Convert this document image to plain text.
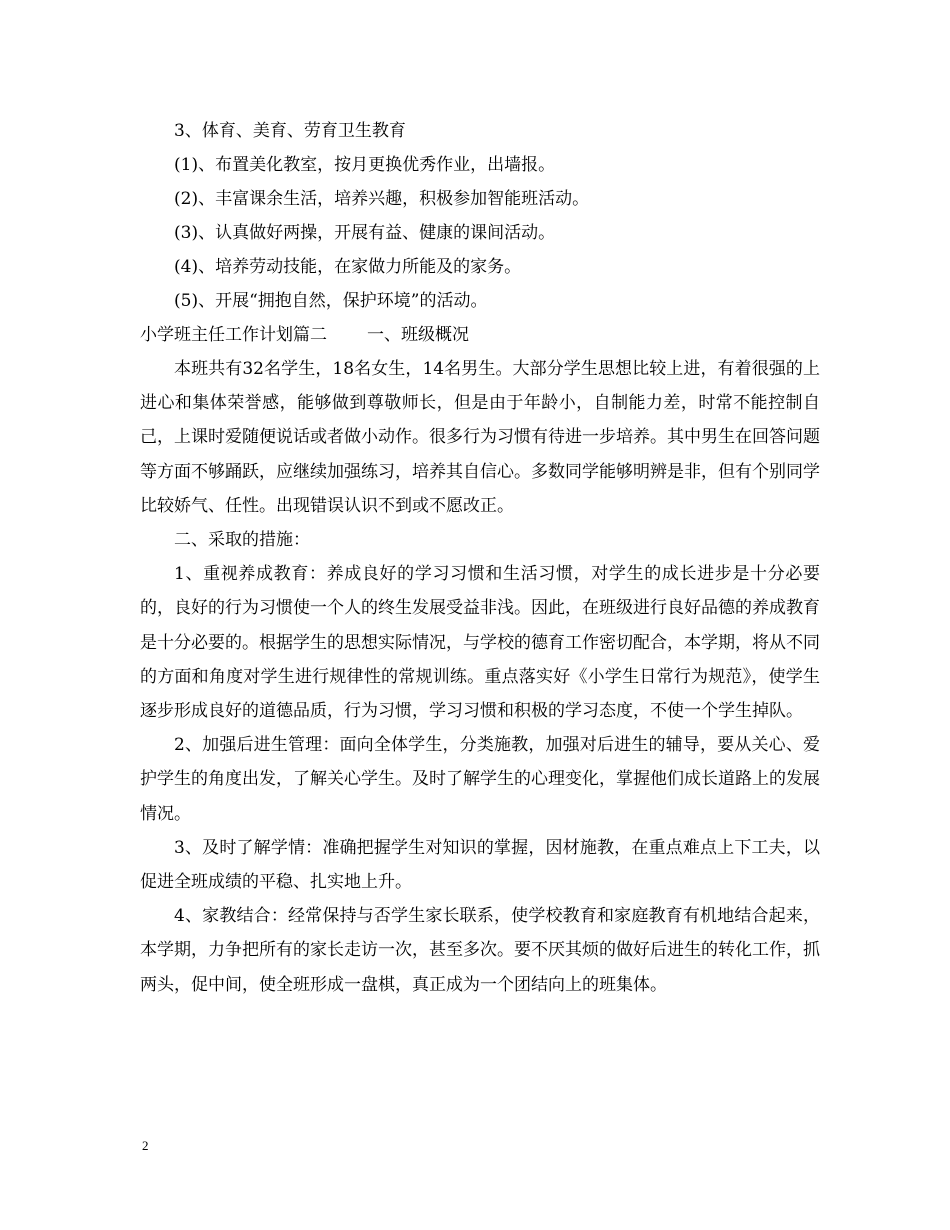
3、体育、美育、劳育卫生教育

(1)、布置美化教室，按月更换优秀作业，出墙报。

(2)、丰富课余生活，培养兴趣，积极参加智能班活动。

(3)、认真做好两操，开展有益、健康的课间活动。

(4)、培养劳动技能，在家做力所能及的家务。

(5)、开展“拥抱自然，保护环境”的活动。

小学班主任工作计划篇二 一、班级概况

本班共有32名学生，18名女生，14名男生。大部分学生思想比较上进，有着很强的上进心和集体荣誉感，能够做到尊敬师长，但是由于年龄小，自制能力差，时常不能控制自己，上课时爱随便说话或者做小动作。很多行为习惯有待进一步培养。其中男生在回答问题等方面不够踊跃，应继续加强练习，培养其自信心。多数同学能够明辨是非，但有个别同学比较娇气、任性。出现错误认识不到或不愿改正。

二、采取的措施：

1、重视养成教育：养成良好的学习习惯和生活习惯，对学生的成长进步是十分必要的，良好的行为习惯使一个人的终生发展受益非浅。因此，在班级进行良好品德的养成教育是十分必要的。根据学生的思想实际情况，与学校的德育工作密切配合，本学期，将从不同的方面和角度对学生进行规律性的常规训练。重点落实好《小学生日常行为规范》，使学生逐步形成良好的道德品质，行为习惯，学习习惯和积极的学习态度，不使一个学生掉队。

2、加强后进生管理：面向全体学生，分类施教，加强对后进生的辅导，要从关心、爱护学生的角度出发，了解关心学生。及时了解学生的心理变化，掌握他们成长道路上的发展情况。

3、及时了解学情：准确把握学生对知识的掌握，因材施教，在重点难点上下工夫，以促进全班成绩的平稳、扎实地上升。

4、家教结合：经常保持与否学生家长联系，使学校教育和家庭教育有机地结合起来，本学期，力争把所有的家长走访一次，甚至多次。要不厌其烦的做好后进生的转化工作，抓两头，促中间，使全班形成一盘棋，真正成为一个团结向上的班集体。

2
